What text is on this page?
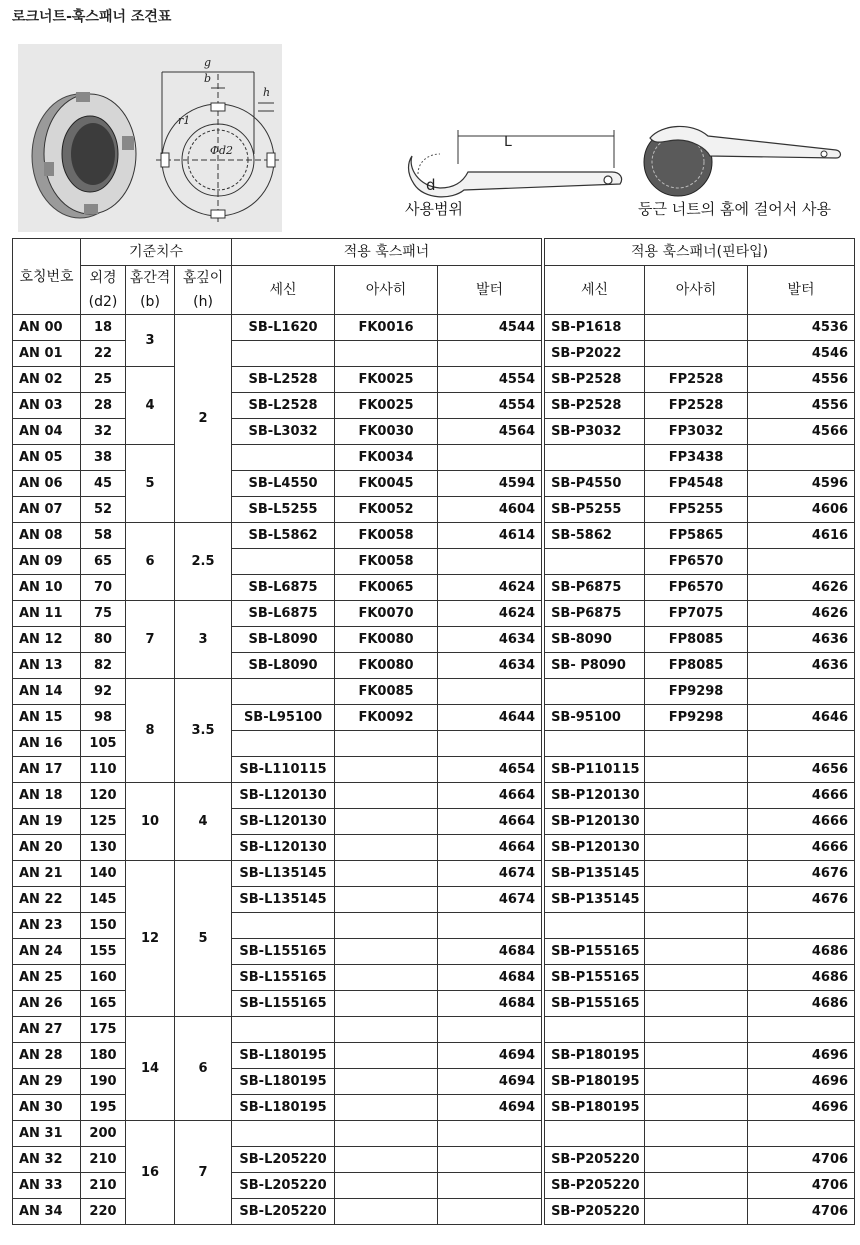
로크너트-훅스패너 조견표
g
b
h
r1
Φd2
L
d
사용범위	둥근 너트의 홈에 걸어서 사용
호칭번호	기준치수			적용 훅스패너				적용 훅스패너(핀타입)		
	외경	홈간격	홈깊이	세신	아사히	발터		세신	아사히	발터
	(d2)	(b)	(h)							
AN 00	18	3	2	SB-L1620	FK0016	4544		SB-P1618		4536
AN 01	22							SB-P2022		4546
AN 02	25	4		SB-L2528	FK0025	4554		SB-P2528	FP2528	4556
AN 03	28			SB-L2528	FK0025	4554		SB-P2528	FP2528	4556
AN 04	32			SB-L3032	FK0030	4564		SB-P3032	FP3032	4566
AN 05	38	5			FK0034				FP3438	
AN 06	45			SB-L4550	FK0045	4594		SB-P4550	FP4548	4596
AN 07	52			SB-L5255	FK0052	4604		SB-P5255	FP5255	4606
AN 08	58	6	2.5	SB-L5862	FK0058	4614		SB-5862	FP5865	4616
AN 09	65				FK0058				FP6570	
AN 10	70			SB-L6875	FK0065	4624		SB-P6875	FP6570	4626
AN 11	75	7	3	SB-L6875	FK0070	4624		SB-P6875	FP7075	4626
AN 12	80			SB-L8090	FK0080	4634		SB-8090	FP8085	4636
AN 13	82			SB-L8090	FK0080	4634		SB- P8090	FP8085	4636
AN 14	92	8	3.5		FK0085				FP9298	
AN 15	98			SB-L95100	FK0092	4644		SB-95100	FP9298	4646
AN 16	105									
AN 17	110			SB-L110115		4654		SB-P110115		4656
AN 18	120	10	4	SB-L120130		4664		SB-P120130		4666
AN 19	125			SB-L120130		4664		SB-P120130		4666
AN 20	130			SB-L120130		4664		SB-P120130		4666
AN 21	140	12	5	SB-L135145		4674		SB-P135145		4676
AN 22	145			SB-L135145		4674		SB-P135145		4676
AN 23	150									
AN 24	155			SB-L155165		4684		SB-P155165		4686
AN 25	160			SB-L155165		4684		SB-P155165		4686
AN 26	165			SB-L155165		4684		SB-P155165		4686
AN 27	175	14	6							
AN 28	180			SB-L180195		4694		SB-P180195		4696
AN 29	190			SB-L180195		4694		SB-P180195		4696
AN 30	195			SB-L180195		4694		SB-P180195		4696
AN 31	200	16	7							
AN 32	210			SB-L205220				SB-P205220		4706
AN 33	210			SB-L205220				SB-P205220		4706
AN 34	220			SB-L205220				SB-P205220		4706
